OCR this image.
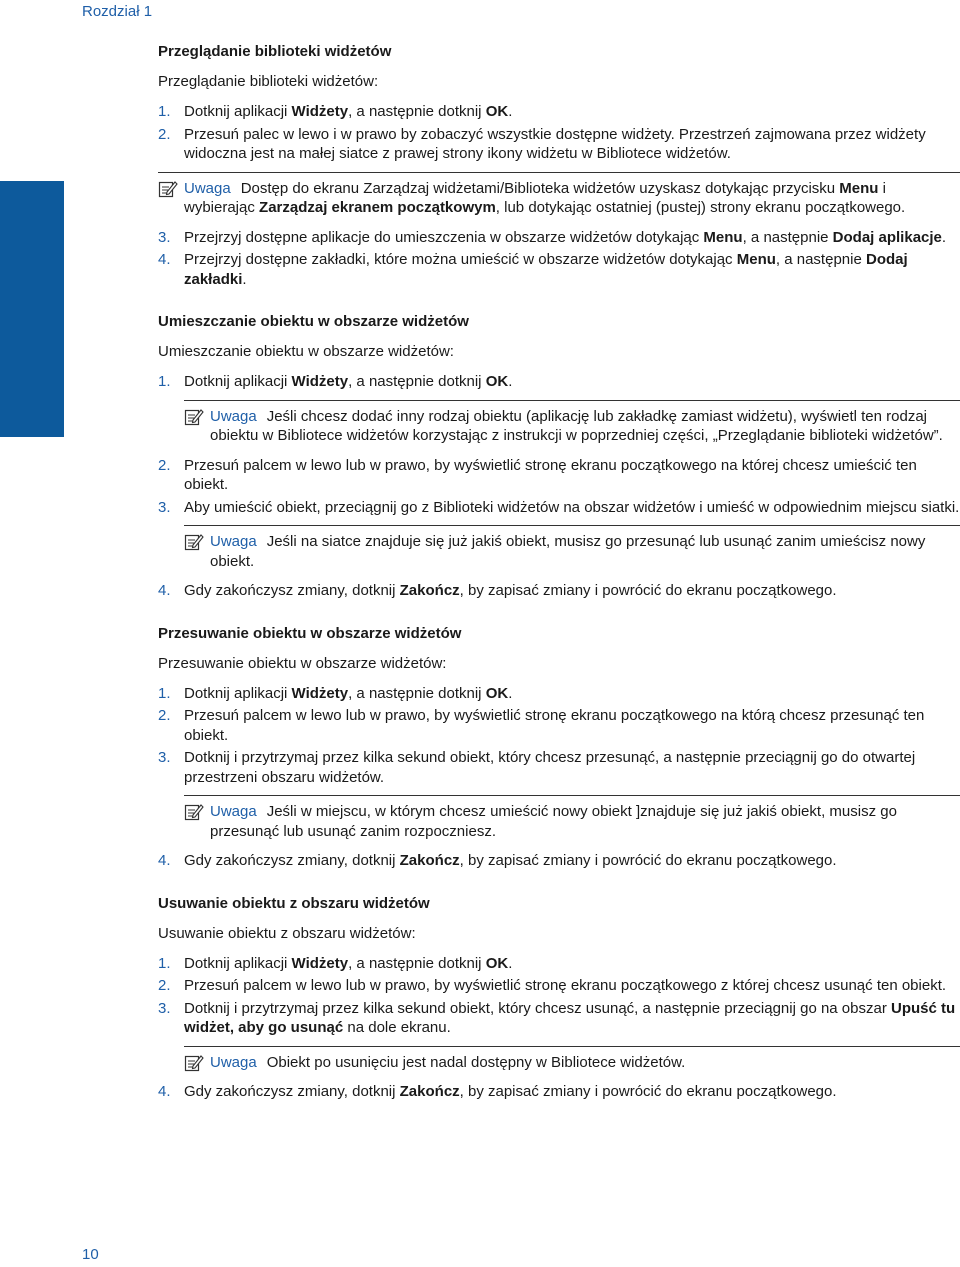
Rozdział 1
Przeglądanie biblioteki widżetów

Przeglądanie biblioteki widżetów:

1. Dotknij aplikacji Widżety, a następnie dotknij OK.
2. Przesuń palec w lewo i w prawo by zobaczyć wszystkie dostępne widżety. Przestrzeń zajmowana przez widżety widoczna jest na małej siatce z prawej strony ikony widżetu w Bibliotece widżetów.
Uwaga Dostęp do ekranu Zarządzaj widżetami/Biblioteka widżetów uzyskasz dotykając przycisku Menu i wybierając Zarządzaj ekranem początkowym, lub dotykając ostatniej (pustej) strony ekranu początkowego.
3. Przejrzyj dostępne aplikacje do umieszczenia w obszarze widżetów dotykając Menu, a następnie Dodaj aplikacje.
4. Przejrzyj dostępne zakładki, które można umieścić w obszarze widżetów dotykając Menu, a następnie Dodaj zakładki.
Umieszczanie obiektu w obszarze widżetów

Umieszczanie obiektu w obszarze widżetów:

1. Dotknij aplikacji Widżety, a następnie dotknij OK.
Uwaga Jeśli chcesz dodać inny rodzaj obiektu (aplikację lub zakładkę zamiast widżetu), wyświetl ten rodzaj obiektu w Bibliotece widżetów korzystając z instrukcji w poprzedniej części, „Przeglądanie biblioteki widżetów”.
2. Przesuń palcem w lewo lub w prawo, by wyświetlić stronę ekranu początkowego na której chcesz umieścić ten obiekt.
3. Aby umieścić obiekt, przeciągnij go z Biblioteki widżetów na obszar widżetów i umieść w odpowiednim miejscu siatki.
Uwaga Jeśli na siatce znajduje się już jakiś obiekt, musisz go przesunąć lub usunąć zanim umieścisz nowy obiekt.
4. Gdy zakończysz zmiany, dotknij Zakończ, by zapisać zmiany i powrócić do ekranu początkowego.
Przesuwanie obiektu w obszarze widżetów

Przesuwanie obiektu w obszarze widżetów:

1. Dotknij aplikacji Widżety, a następnie dotknij OK.
2. Przesuń palcem w lewo lub w prawo, by wyświetlić stronę ekranu początkowego na którą chcesz przesunąć ten obiekt.
3. Dotknij i przytrzymaj przez kilka sekund obiekt, który chcesz przesunąć, a następnie przeciągnij go do otwartej przestrzeni obszaru widżetów.
Uwaga Jeśli w miejscu, w którym chcesz umieścić nowy obiekt ]znajduje się już jakiś obiekt, musisz go przesunąć lub usunąć zanim rozpoczniesz.
4. Gdy zakończysz zmiany, dotknij Zakończ, by zapisać zmiany i powrócić do ekranu początkowego.
Usuwanie obiektu z obszaru widżetów

Usuwanie obiektu z obszaru widżetów:

1. Dotknij aplikacji Widżety, a następnie dotknij OK.
2. Przesuń palcem w lewo lub w prawo, by wyświetlić stronę ekranu początkowego z której chcesz usunąć ten obiekt.
3. Dotknij i przytrzymaj przez kilka sekund obiekt, który chcesz usunąć, a następnie przeciągnij go na obszar Upuść tu widżet, aby go usunąć na dole ekranu.
Uwaga Obiekt po usunięciu jest nadal dostępny w Bibliotece widżetów.
4. Gdy zakończysz zmiany, dotknij Zakończ, by zapisać zmiany i powrócić do ekranu początkowego.
10
